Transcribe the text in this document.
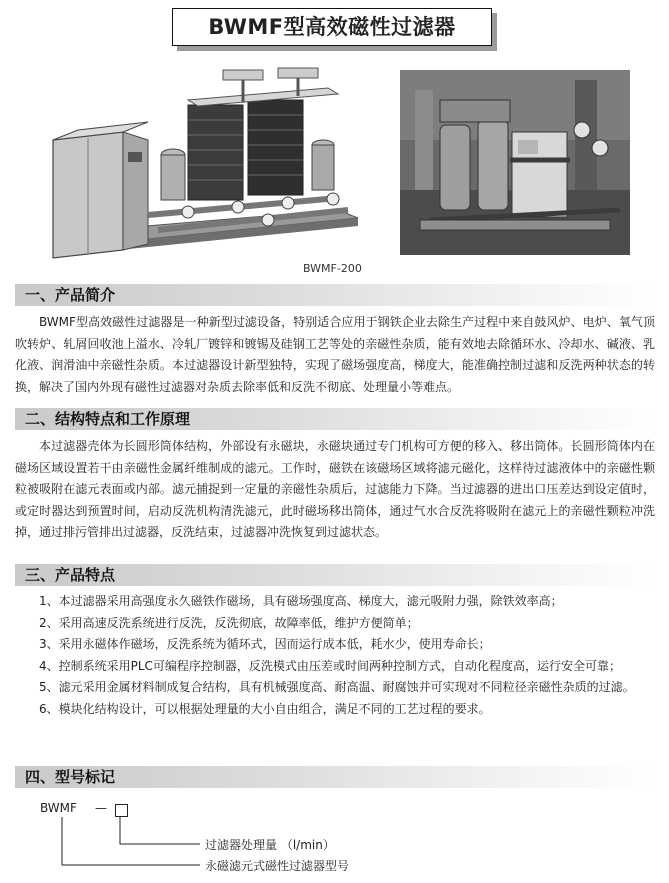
BWMF型高效磁性过滤器
BWMF-200
一、产品简介

BWMF型高效磁性过滤器是一种新型过滤设备，特别适合应用于钢铁企业去除生产过程中来自鼓风炉、电炉、氧气顶吹转炉、轧屑回收池上溢水、冷轧厂镀锌和镀锡及硅钢工艺等处的亲磁性杂质，能有效地去除循环水、冷却水、碱液、乳化液、润滑油中亲磁性杂质。本过滤器设计新型独特，实现了磁场强度高，梯度大，能准确控制过滤和反洗两种状态的转换，解决了国内外现有磁性过滤器对杂质去除率低和反洗不彻底、处理量小等难点。

二、结构特点和工作原理

本过滤器壳体为长圆形筒体结构，外部设有永磁块，永磁块通过专门机构可方便的移入、移出筒体。长圆形筒体内在磁场区域设置若干由亲磁性金属纤维制成的滤元。工作时，磁铁在该磁场区域将滤元磁化，这样待过滤液体中的亲磁性颗粒被吸附在滤元表面或内部。滤元捕捉到一定量的亲磁性杂质后，过滤能力下降。当过滤器的进出口压差达到设定值时，或定时器达到预置时间，启动反洗机构清洗滤元，此时磁场移出筒体，通过气水合反洗将吸附在滤元上的亲磁性颗粒冲洗掉，通过排污管排出过滤器，反洗结束，过滤器冲洗恢复到过滤状态。

三、产品特点

1、本过滤器采用高强度永久磁铁作磁场，具有磁场强度高、梯度大，滤元吸附力强，除铁效率高；

2、采用高速反洗系统进行反洗，反洗彻底，故障率低，维护方便简单；

3、采用永磁体作磁场，反洗系统为循环式，因而运行成本低，耗水少，使用寿命长；

4、控制系统采用PLC可编程序控制器，反洗模式由压差或时间两种控制方式，自动化程度高，运行安全可靠；

5、滤元采用金属材料制成复合结构，具有机械强度高、耐高温、耐腐蚀并可实现对不同粒径亲磁性杂质的过滤。

6、模块化结构设计，可以根据处理量的大小自由组合，满足不同的工艺过程的要求。

四、型号标记
BWMF —
过滤器处理量 （l/min）
永磁滤元式磁性过滤器型号
